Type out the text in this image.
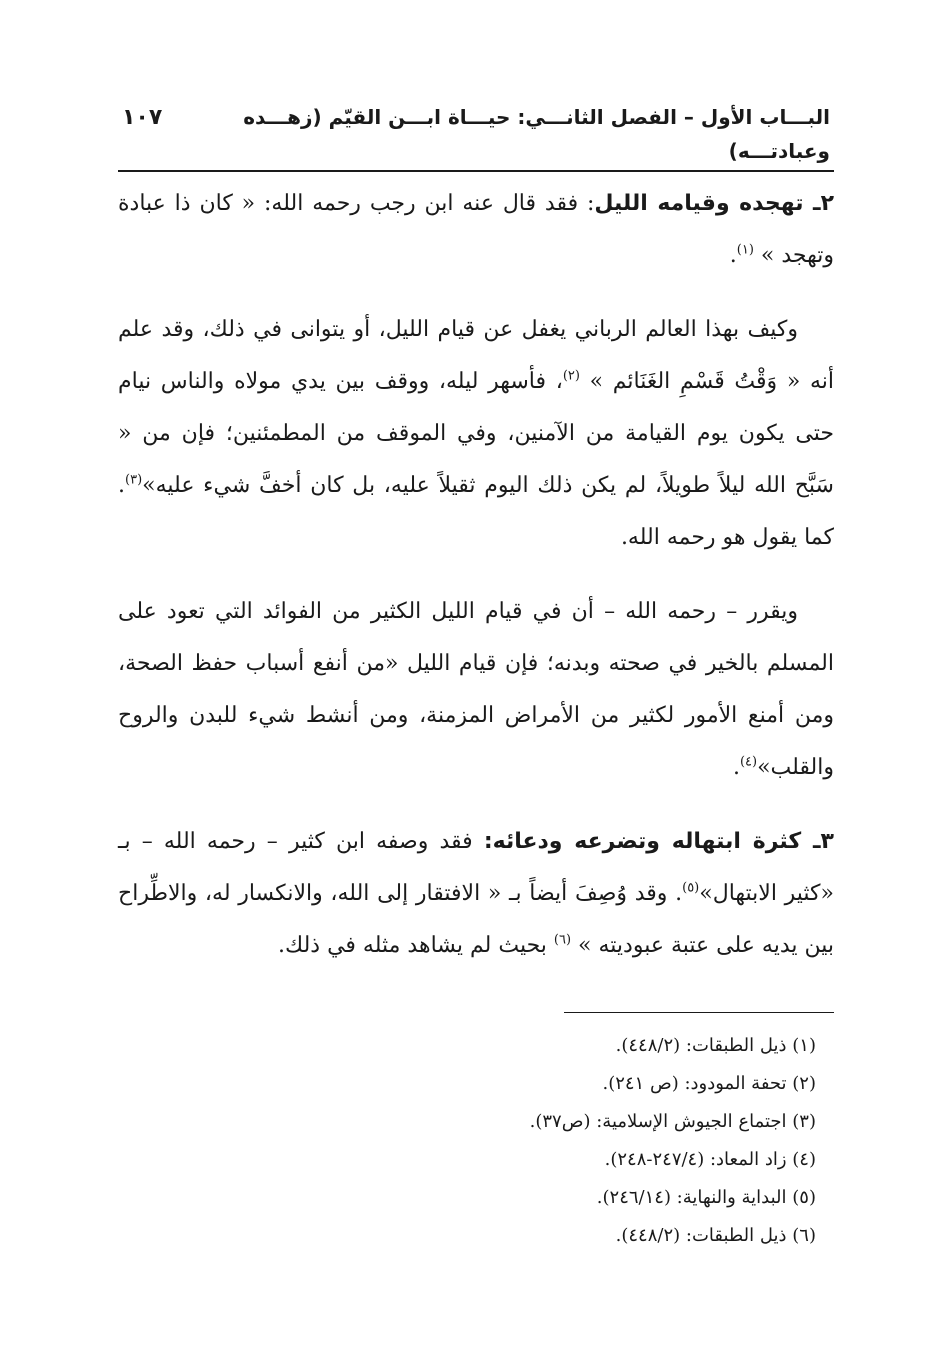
البـــاب الأول – الفصل الثانـــي: حيـــاة ابـــن القيّم (زهـــده وعبادتـــه)
١٠٧

٢ـ تهجده وقيامه الليل: فقد قال عنه ابن رجب رحمه الله: « كان ذا عبادة وتهجد » $^{(١)}$.

وكيف بهذا العالم الرباني يغفل عن قيام الليل، أو يتوانى في ذلك، وقد علم أنه « وَقْتُ قَسْمِ الغَنَائم » $^{(٢)}$، فأسهر ليله، ووقف بين يدي مولاه والناس نيام حتى يكون يوم القيامة من الآمنين، وفي الموقف من المطمئنين؛ فإن من « سَبَّح الله ليلاً طويلاً، لم يكن ذلك اليوم ثقيلاً عليه، بل كان أخفَّ شيء عليه»$^{(٣)}$. كما يقول هو رحمه الله.

ويقرر – رحمه الله – أن في قيام الليل الكثير من الفوائد التي تعود على المسلم بالخير في صحته وبدنه؛ فإن قيام الليل «من أنفع أسباب حفظ الصحة، ومن أمنع الأمور لكثير من الأمراض المزمنة، ومن أنشط شيء للبدن والروح والقلب»$^{(٤)}$.

٣ـ كثرة ابتهاله وتضرعه ودعائه: فقد وصفه ابن كثير – رحمه الله – بـ «كثير الابتهال»$^{(٥)}$. وقد وُصِفَ أيضاً بـ « الافتقار إلى الله، والانكسار له، والاطِّراح بين يديه على عتبة عبوديته » $^{(٦)}$ بحيث لم يشاهد مثله في ذلك.

(١) ذيل الطبقات: (٤٤٨/٢).

(٢) تحفة المودود: (ص ٢٤١).

(٣) اجتماع الجيوش الإسلامية: (ص٣٧).

(٤) زاد المعاد: (٢٤٧/٤-٢٤٨).

(٥) البداية والنهاية: (٢٤٦/١٤).

(٦) ذيل الطبقات: (٤٤٨/٢).
